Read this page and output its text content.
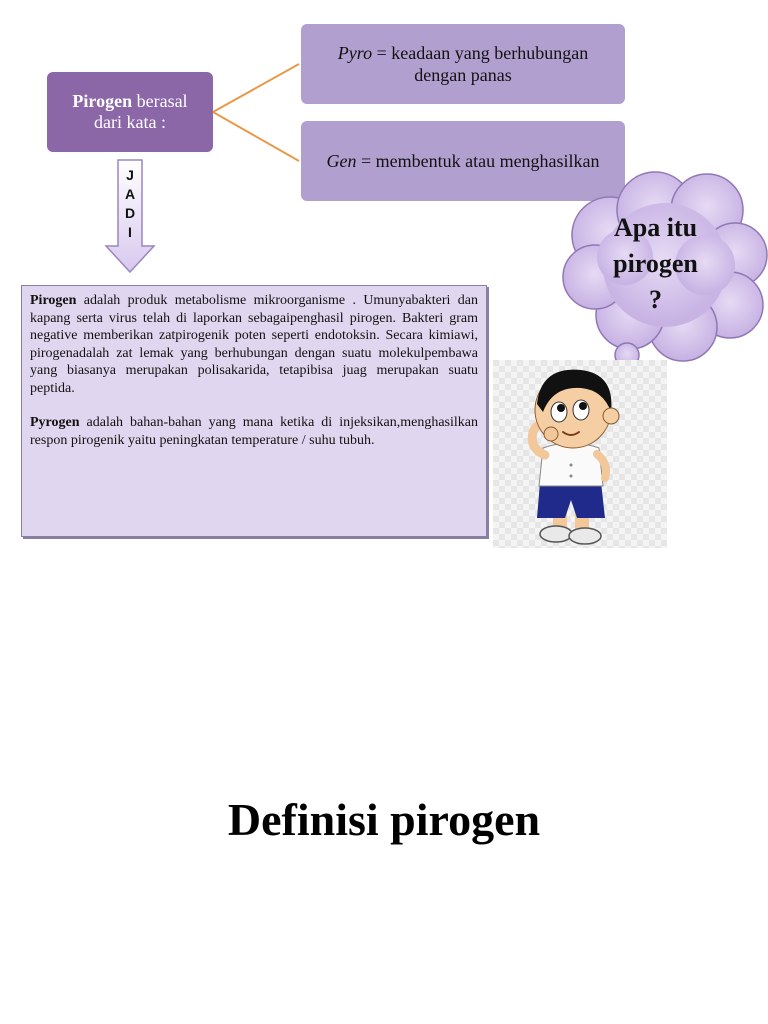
Pirogen berasal dari kata :
Pyro = keadaan yang berhubungan dengan panas
Gen = membentuk atau menghasilkan
J
A
D
I

Pirogen adalah produk metabolisme mikroorganisme . Umunyabakteri dan kapang serta virus telah di laporkan sebagaipenghasil pirogen. Bakteri gram negative memberikan zatpirogenik poten seperti endotoksin. Secara kimiawi, pirogenadalah zat lemak yang berhubungan dengan suatu molekulpembawa yang biasanya merupakan polisakarida, tetapibisa juag merupakan suatu peptida.

Pyrogen adalah bahan-bahan yang mana ketika di injeksikan,menghasilkan respon pirogenik yaitu peningkatan temperature / suhu tubuh.

Apa itu
pirogen
?
Definisi pirogen
